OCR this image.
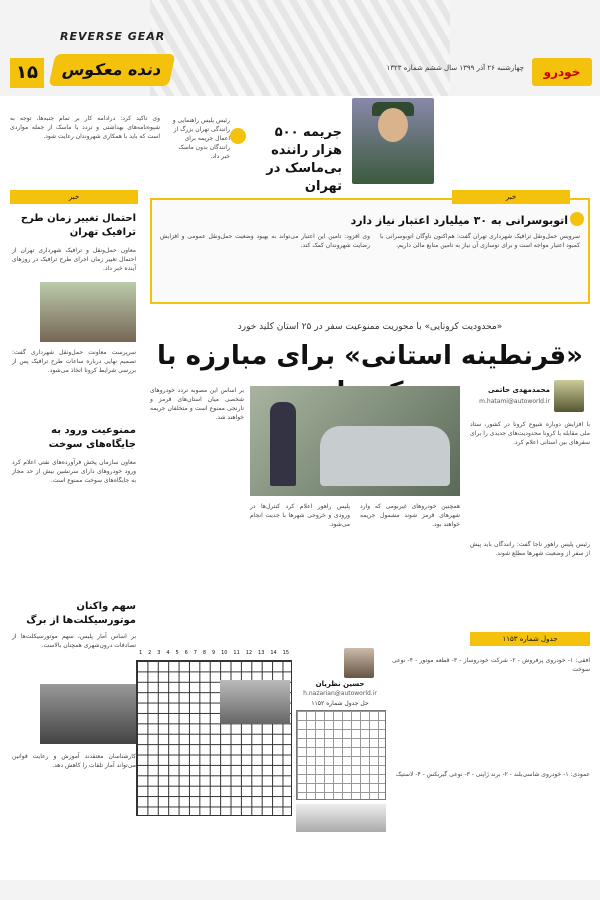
۱۵	دنده معکوس
REVERSE GEAR
خودرو
چهارشنبه ۲۶ آذر ۱۳۹۹ سال ششم شماره ۱۳۲۳
وی تاکید کرد: درادامه کار بر تمام جنبه‌ها، توجه به شیوه‌نامه‌های بهداشتی و تردد با ماسک از جمله مواردی است که باید با همکاری شهروندان رعایت شود.	جریمه ۵۰۰ هزار راننده بی‌ماسک در تهران
رئیس پلیس راهنمایی و رانندگی تهران بزرگ از اعمال جریمه برای رانندگان بدون ماسک خبر داد.
خبر
اتوبوسرانی به ۳۰ میلیارد اعتبار نیاز دارد
سرویس حمل‌ونقل ترافیک شهرداری تهران گفت: هم‌اکنون ناوگان اتوبوسرانی با کمبود اعتبار مواجه است و برای نوسازی آن نیاز به تامین منابع مالی داریم.
وی افزود: تامین این اعتبار می‌تواند به بهبود وضعیت حمل‌ونقل عمومی و افزایش رضایت شهروندان کمک کند.
خبر
احتمال تغییر زمان طرح ترافیک تهران
معاون حمل‌ونقل و ترافیک شهرداری تهران از احتمال تغییر زمان اجرای طرح ترافیک در روزهای آینده خبر داد.
سرپرست معاونت حمل‌ونقل شهرداری گفت: تصمیم نهایی درباره ساعات طرح ترافیک پس از بررسی شرایط کرونا اتخاذ می‌شود.
ممنوعیت ورود به جایگاه‌های سوخت
معاون سازمان پخش فرآورده‌های نفتی اعلام کرد ورود خودروهای دارای سرنشین بیش از حد مجاز به جایگاه‌های سوخت ممنوع است.
سهم واکنان موتورسیکلت‌ها از برگ
بر اساس آمار پلیس، سهم موتورسیکلت‌ها از تصادفات درون‌شهری همچنان بالاست.
کارشناسان معتقدند آموزش و رعایت قوانین می‌تواند آمار تلفات را کاهش دهد.
«محدودیت کرونایی» با محوریت ممنوعیت سفر در ۲۵ استان کلید خورد
«قرنطینه استانی» برای مبارزه با
محمدمهدی حاتمی
m.hatami@autoworld.ir
با افزایش دوباره شیوع کرونا در کشور، ستاد ملی مقابله با کرونا محدودیت‌های جدیدی را برای سفرهای بین استانی اعلام کرد.
بر اساس این مصوبه تردد خودروهای شخصی میان استان‌های قرمز و نارنجی ممنوع است و متخلفان جریمه خواهند شد.
پلیس راهور اعلام کرد کنترل‌ها در ورودی و خروجی شهرها با جدیت انجام می‌شود.
همچنین خودروهای غیربومی که وارد شهرهای قرمز شوند مشمول جریمه خواهند بود.
رئیس پلیس راهور ناجا گفت: رانندگان باید پیش از سفر از وضعیت شهرها مطلع شوند.
جدول شماره ۱۱۵۳
1 2 3 4 5 6 7 8 9 10 11 12 13 14 15
حسین نظریان
h.nazarian@autoworld.ir
حل جدول شماره ۱۱۵۲
افقی: ۱- خودروی پرفروش - ۲- شرکت خودروساز - ۳- قطعه موتور - ۴- نوعی سوخت
عمودی: ۱- خودروی شاسی‌بلند - ۲- برند ژاپنی - ۳- نوعی گیربکس - ۴- لاستیک
